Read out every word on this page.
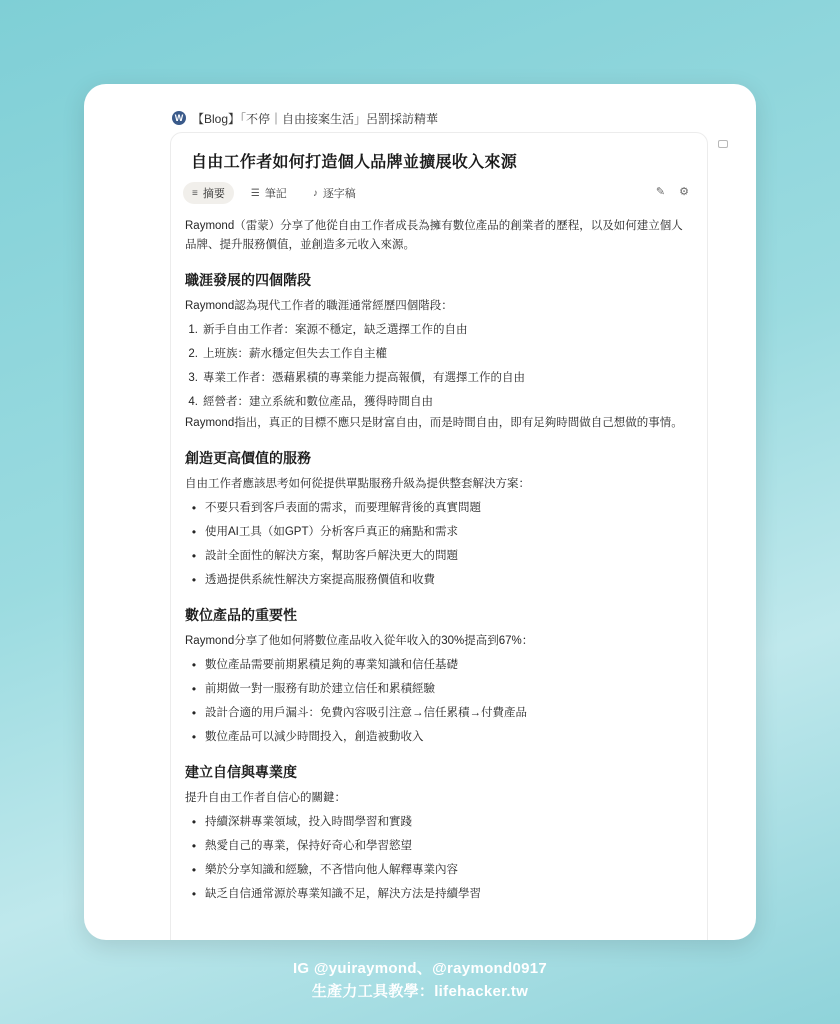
W 【Blog】「不停｜自由接案生活」呂罰採訪精華
自由工作者如何打造個人品牌並擴展收入來源
≡ 摘要	☰ 筆記	♪ 逐字稿	✎ ⚙

Raymond（雷蒙）分享了他從自由工作者成長為擁有數位產品的創業者的歷程，以及如何建立個人品牌、提升服務價值，並創造多元收入來源。

職涯發展的四個階段

Raymond認為現代工作者的職涯通常經歷四個階段：

1. 新手自由工作者：案源不穩定，缺乏選擇工作的自由
2. 上班族：薪水穩定但失去工作自主權
3. 專業工作者：憑藉累積的專業能力提高報價，有選擇工作的自由
4. 經營者：建立系統和數位產品，獲得時間自由

Raymond指出，真正的目標不應只是財富自由，而是時間自由，即有足夠時間做自己想做的事情。

創造更高價值的服務

自由工作者應該思考如何從提供單點服務升級為提供整套解決方案：

• 不要只看到客戶表面的需求，而要理解背後的真實問題
• 使用AI工具（如GPT）分析客戶真正的痛點和需求
• 設計全面性的解決方案，幫助客戶解決更大的問題
• 透過提供系統性解決方案提高服務價值和收費
數位產品的重要性

Raymond分享了他如何將數位產品收入從年收入的30%提高到67%：

• 數位產品需要前期累積足夠的專業知識和信任基礎
• 前期做一對一服務有助於建立信任和累積經驗
• 設計合適的用戶漏斗：免費內容吸引注意→信任累積→付費產品
• 數位產品可以減少時間投入，創造被動收入
建立自信與專業度

提升自由工作者自信心的關鍵：

• 持續深耕專業領域，投入時間學習和實踐
• 熱愛自己的專業，保持好奇心和學習慾望
• 樂於分享知識和經驗，不吝惜向他人解釋專業內容
• 缺乏自信通常源於專業知識不足，解決方法是持續學習
IG @yuiraymond、@raymond0917
生產力工具教學：lifehacker.tw
